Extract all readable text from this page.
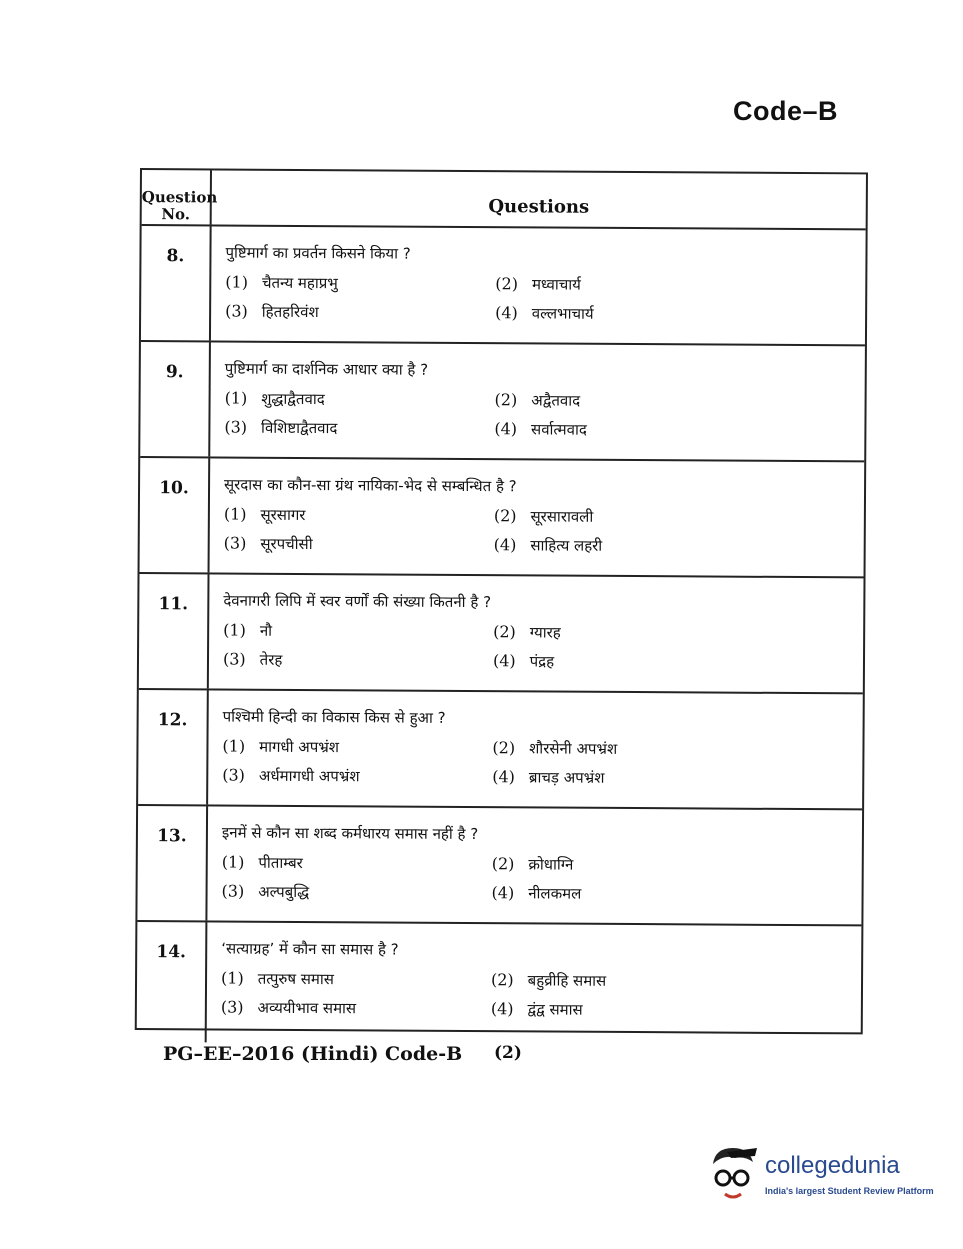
Code–B
Question No.	Questions
8.	पुष्टिमार्ग का प्रवर्तन किसने किया ?
(1) चैतन्य महाप्रभु	(2) मध्वाचार्य
(3) हितहरिवंश	(4) वल्लभाचार्य
9.	पुष्टिमार्ग का दार्शनिक आधार क्या है ?
(1) शुद्धाद्वैतवाद	(2) अद्वैतवाद
(3) विशिष्टाद्वैतवाद	(4) सर्वात्मवाद
10.	सूरदास का कौन-सा ग्रंथ नायिका-भेद से सम्बन्धित है ?
(1) सूरसागर	(2) सूरसारावली
(3) सूरपचीसी	(4) साहित्य लहरी
11.	देवनागरी लिपि में स्वर वर्णों की संख्या कितनी है ?
(1) नौ	(2) ग्यारह
(3) तेरह	(4) पंद्रह
12.	पश्चिमी हिन्दी का विकास किस से हुआ ?
(1) मागधी अपभ्रंश	(2) शौरसेनी अपभ्रंश
(3) अर्धमागधी अपभ्रंश	(4) ब्राचड़ अपभ्रंश
13.	इनमें से कौन सा शब्द कर्मधारय समास नहीं है ?
(1) पीताम्बर	(2) क्रोधाग्नि
(3) अल्पबुद्धि	(4) नीलकमल
14.	‘सत्याग्रह’ में कौन सा समास है ?
(1) तत्पुरुष समास	(2) बहुव्रीहि समास
(3) अव्ययीभाव समास	(4) द्वंद्व समास
PG–EE–2016 (Hindi) Code-B (2)
collegedunia
India's largest Student Review Platform
